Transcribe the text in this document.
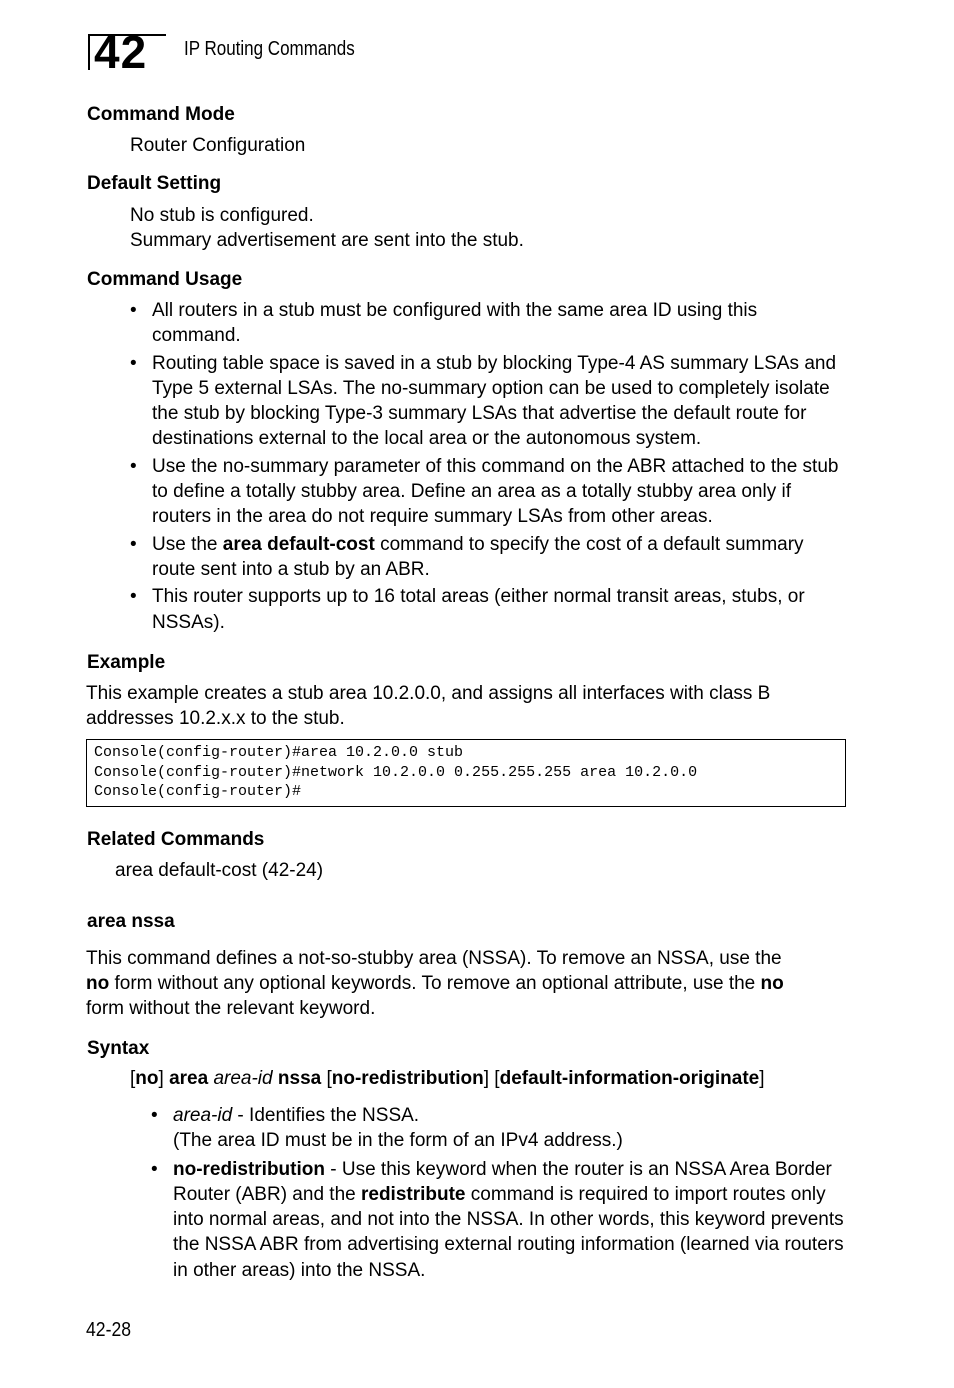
42 IP Routing Commands
Command Mode
Router Configuration
Default Setting
No stub is configured.
Summary advertisement are sent into the stub.
Command Usage
• All routers in a stub must be configured with the same area ID using this command.
• Routing table space is saved in a stub by blocking Type-4 AS summary LSAs and Type 5 external LSAs. The no-summary option can be used to completely isolate the stub by blocking Type-3 summary LSAs that advertise the default route for destinations external to the local area or the autonomous system.
• Use the no-summary parameter of this command on the ABR attached to the stub to define a totally stubby area. Define an area as a totally stubby area only if routers in the area do not require summary LSAs from other areas.
• Use the area default-cost command to specify the cost of a default summary route sent into a stub by an ABR.
• This router supports up to 16 total areas (either normal transit areas, stubs, or NSSAs).
Example
This example creates a stub area 10.2.0.0, and assigns all interfaces with class B addresses 10.2.x.x to the stub.
Console(config-router)#area 10.2.0.0 stub
Console(config-router)#network 10.2.0.0 0.255.255.255 area 10.2.0.0
Console(config-router)#
Related Commands
area default-cost (42-24)
area nssa
This command defines a not-so-stubby area (NSSA). To remove an NSSA, use the
no form without any optional keywords. To remove an optional attribute, use the no
form without the relevant keyword.
Syntax
[no] area area-id nssa [no-redistribution] [default-information-originate]
• area-id - Identifies the NSSA.
(The area ID must be in the form of an IPv4 address.)
• no-redistribution - Use this keyword when the router is an NSSA Area Border Router (ABR) and the redistribute command is required to import routes only into normal areas, and not into the NSSA. In other words, this keyword prevents the NSSA ABR from advertising external routing information (learned via routers in other areas) into the NSSA.
42-28
